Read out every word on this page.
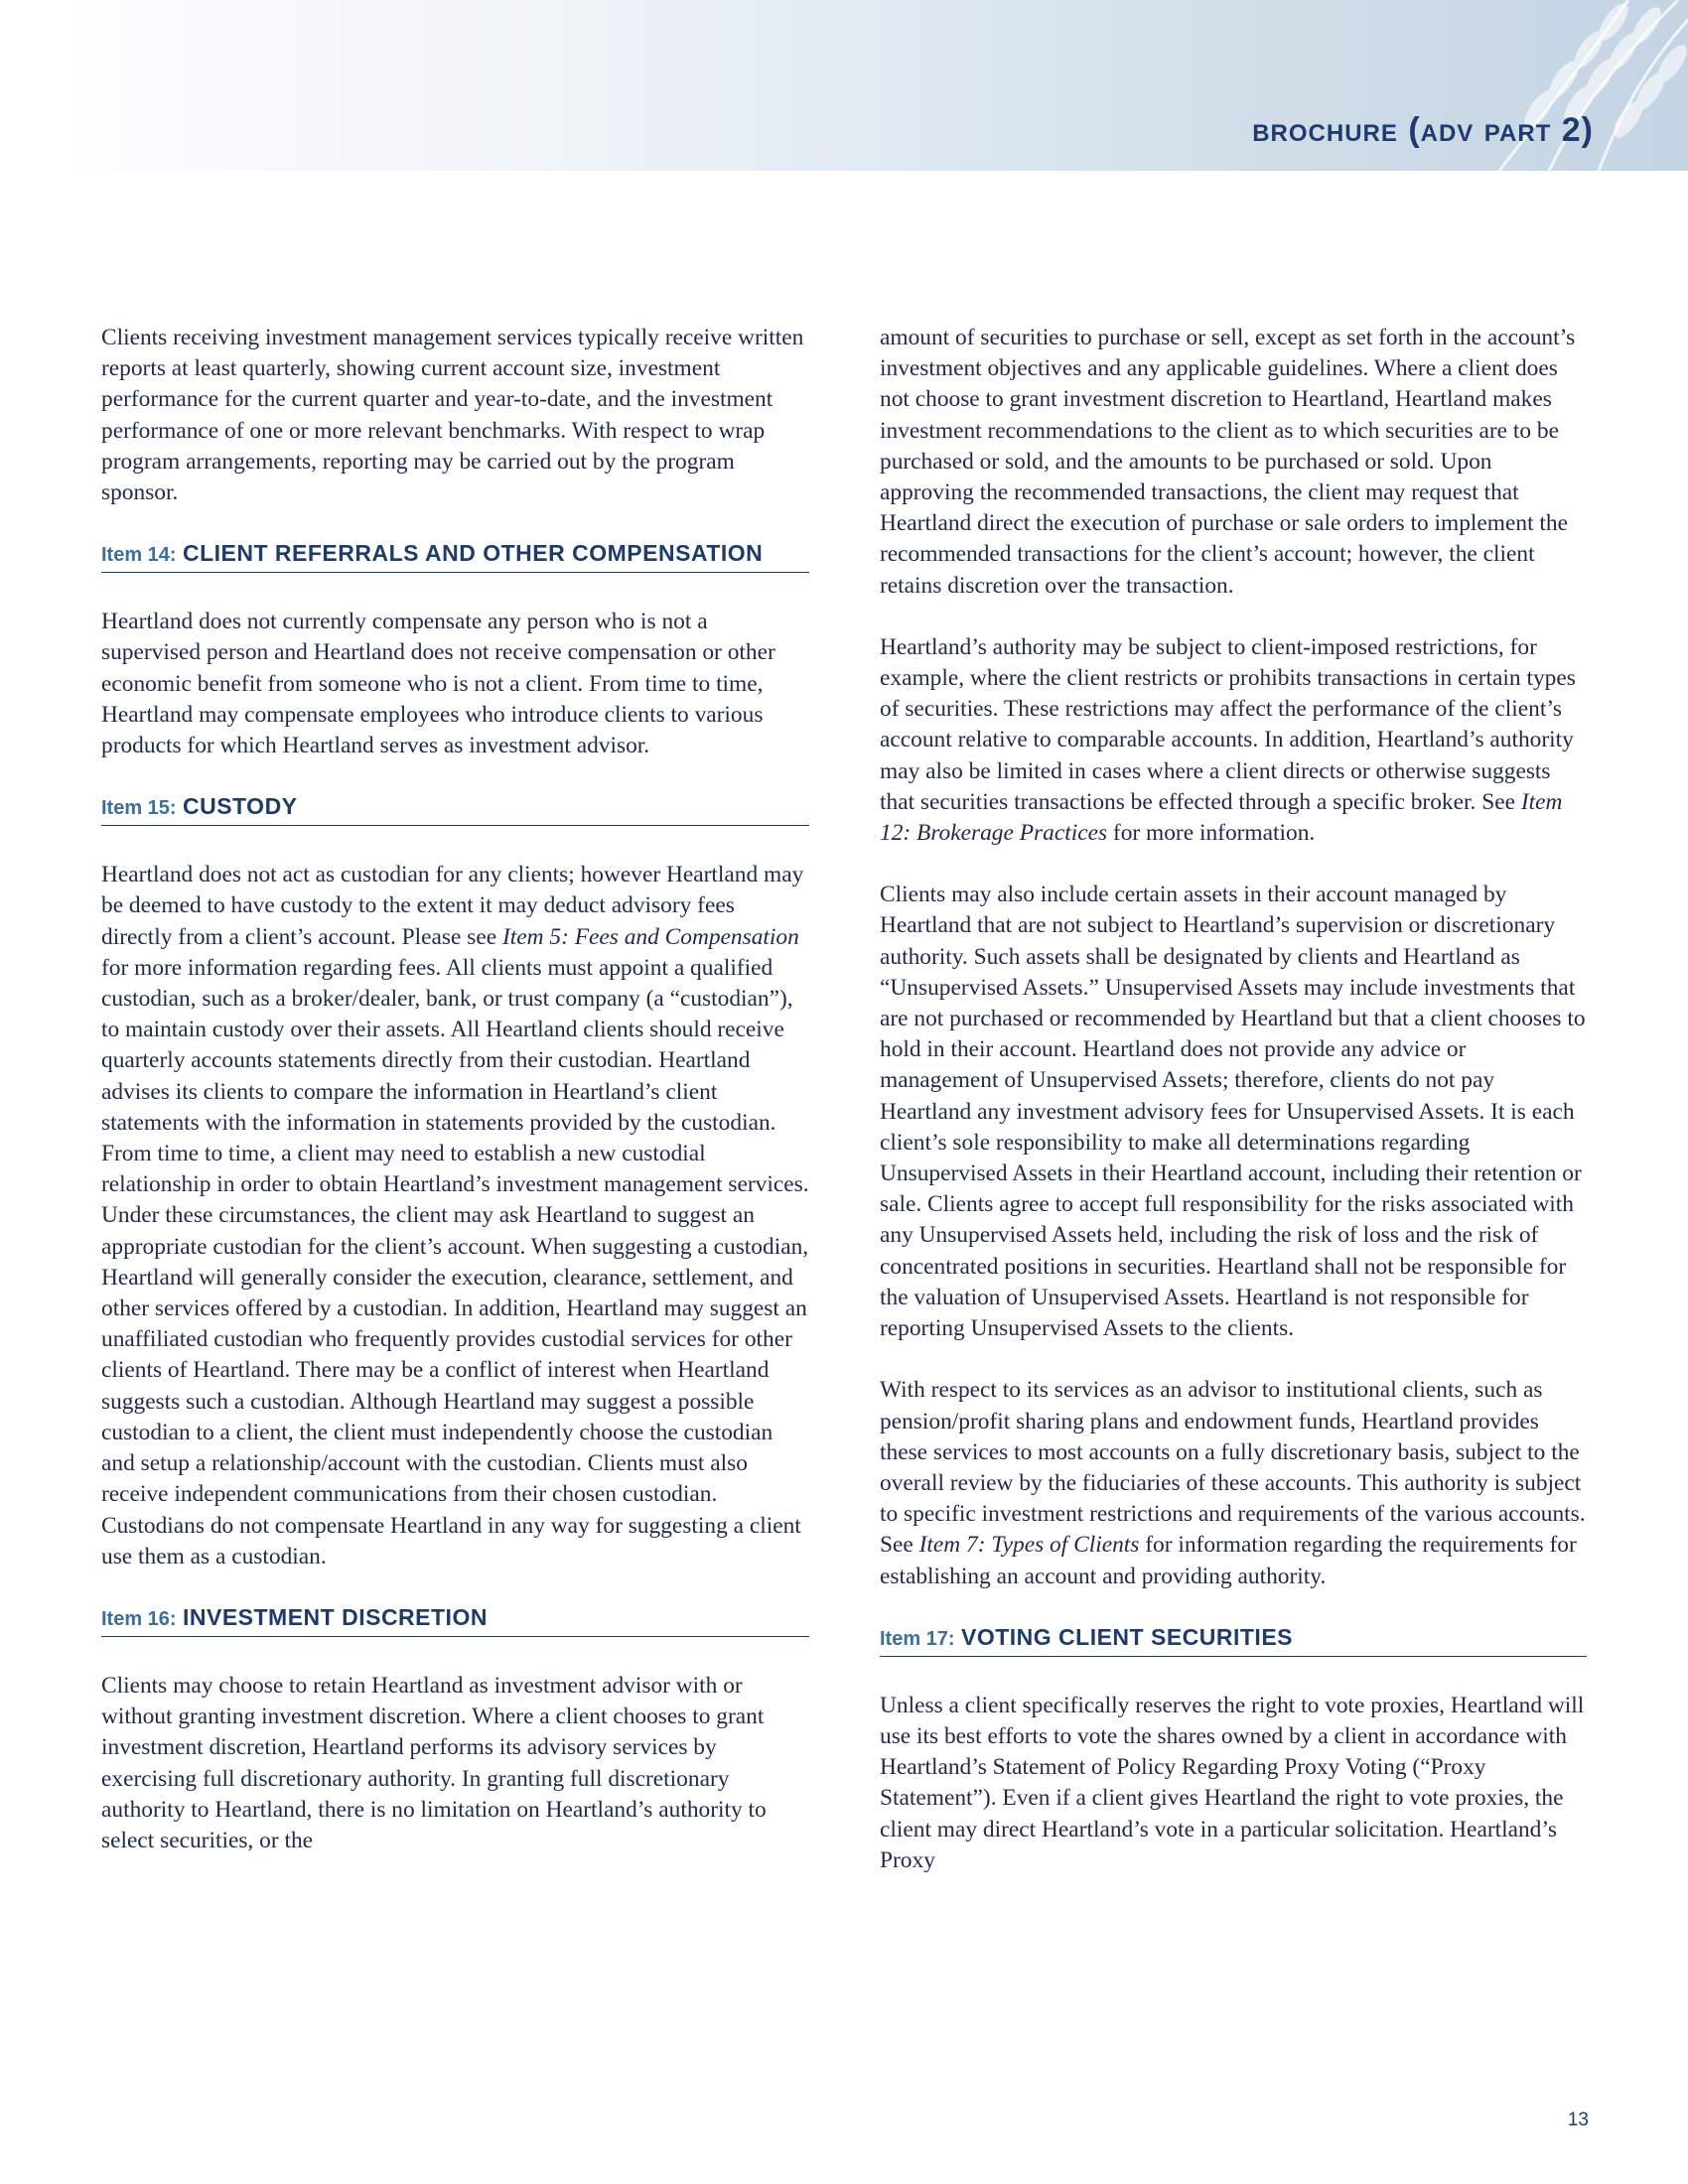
brochure (adv part 2)

Clients receiving investment management services typically receive written reports at least quarterly, showing current account size, investment performance for the current quarter and year-to-date, and the investment performance of one or more relevant benchmarks. With respect to wrap program arrangements, reporting may be carried out by the program sponsor.

Item 14: CLIENT REFERRALS AND OTHER COMPENSATION

Heartland does not currently compensate any person who is not a supervised person and Heartland does not receive compensation or other economic benefit from someone who is not a client. From time to time, Heartland may compensate employees who introduce clients to various products for which Heartland serves as investment advisor.

Item 15: CUSTODY

Heartland does not act as custodian for any clients; however Heartland may be deemed to have custody to the extent it may deduct advisory fees directly from a client’s account. Please see Item 5: Fees and Compensation for more information regarding fees. All clients must appoint a qualified custodian, such as a broker/dealer, bank, or trust company (a “custodian”), to maintain custody over their assets. All Heartland clients should receive quarterly accounts statements directly from their custodian. Heartland advises its clients to compare the information in Heartland’s client statements with the information in statements provided by the custodian.

From time to time, a client may need to establish a new custodial relationship in order to obtain Heartland’s investment management services. Under these circumstances, the client may ask Heartland to suggest an appropriate custodian for the client’s account. When suggesting a custodian, Heartland will generally consider the execution, clearance, settlement, and other services offered by a custodian. In addition, Heartland may suggest an unaffiliated custodian who frequently provides custodial services for other clients of Heartland. There may be a conflict of interest when Heartland suggests such a custodian. Although Heartland may suggest a possible custodian to a client, the client must independently choose the custodian and setup a relationship/account with the custodian. Clients must also receive independent communications from their chosen custodian. Custodians do not compensate Heartland in any way for suggesting a client use them as a custodian.

Item 16: INVESTMENT DISCRETION

Clients may choose to retain Heartland as investment advisor with or without granting investment discretion. Where a client chooses to grant investment discretion, Heartland performs its advisory services by exercising full discretionary authority. In granting full discretionary authority to Heartland, there is no limitation on Heartland’s authority to select securities, or the

amount of securities to purchase or sell, except as set forth in the account’s investment objectives and any applicable guidelines. Where a client does not choose to grant investment discretion to Heartland, Heartland makes investment recommendations to the client as to which securities are to be purchased or sold, and the amounts to be purchased or sold. Upon approving the recommended transactions, the client may request that Heartland direct the execution of purchase or sale orders to implement the recommended transactions for the client’s account; however, the client retains discretion over the transaction.

Heartland’s authority may be subject to client-imposed restrictions, for example, where the client restricts or prohibits transactions in certain types of securities. These restrictions may affect the performance of the client’s account relative to comparable accounts. In addition, Heartland’s authority may also be limited in cases where a client directs or otherwise suggests that securities transactions be effected through a specific broker. See Item 12: Brokerage Practices for more information.

Clients may also include certain assets in their account managed by Heartland that are not subject to Heartland’s supervision or discretionary authority. Such assets shall be designated by clients and Heartland as “Unsupervised Assets.” Unsupervised Assets may include investments that are not purchased or recommended by Heartland but that a client chooses to hold in their account. Heartland does not provide any advice or management of Unsupervised Assets; therefore, clients do not pay Heartland any investment advisory fees for Unsupervised Assets. It is each client’s sole responsibility to make all determinations regarding Unsupervised Assets in their Heartland account, including their retention or sale. Clients agree to accept full responsibility for the risks associated with any Unsupervised Assets held, including the risk of loss and the risk of concentrated positions in securities. Heartland shall not be responsible for the valuation of Unsupervised Assets. Heartland is not responsible for reporting Unsupervised Assets to the clients.

With respect to its services as an advisor to institutional clients, such as pension/profit sharing plans and endowment funds, Heartland provides these services to most accounts on a fully discretionary basis, subject to the overall review by the fiduciaries of these accounts. This authority is subject to specific investment restrictions and requirements of the various accounts. See Item 7: Types of Clients for information regarding the requirements for establishing an account and providing authority.

Item 17: VOTING CLIENT SECURITIES

Unless a client specifically reserves the right to vote proxies, Heartland will use its best efforts to vote the shares owned by a client in accordance with Heartland’s Statement of Policy Regarding Proxy Voting (“Proxy Statement”). Even if a client gives Heartland the right to vote proxies, the client may direct Heartland’s vote in a particular solicitation. Heartland’s Proxy

13
